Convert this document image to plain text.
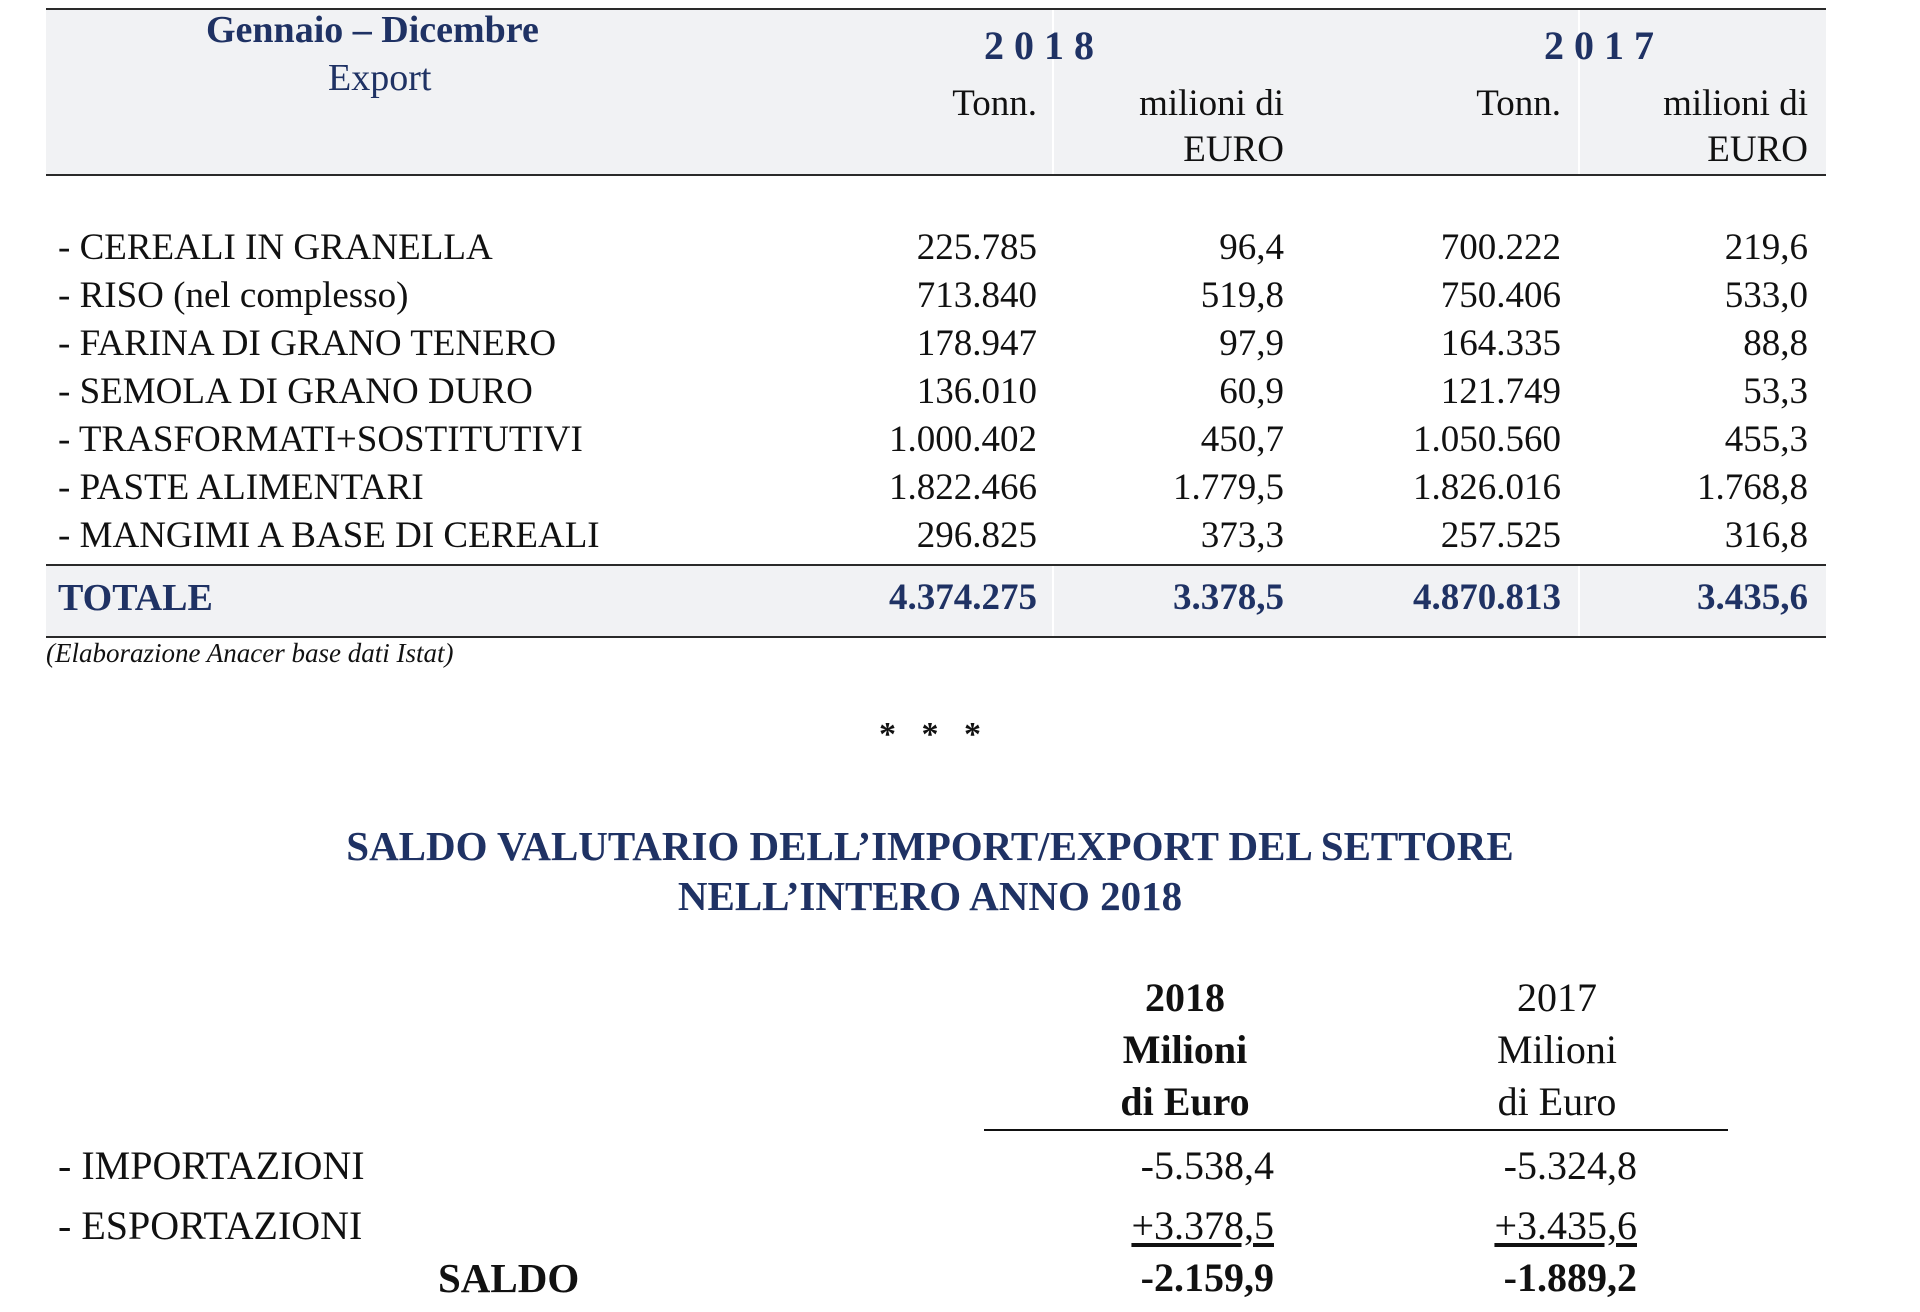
Gennaio – Dicembre
Export
2 0 1 8	2 0 1 7
Tonn.	milioni di
EURO
Tonn.	milioni di
EURO
- CEREALI IN GRANELLA	225.785	96,4	700.222	219,6
- RISO (nel complesso)	713.840	519,8	750.406	533,0
- FARINA DI GRANO TENERO	178.947	97,9	164.335	88,8
- SEMOLA DI GRANO DURO	136.010	60,9	121.749	53,3
- TRASFORMATI+SOSTITUTIVI	1.000.402	450,7	1.050.560	455,3
- PASTE ALIMENTARI	1.822.466	1.779,5	1.826.016	1.768,8
- MANGIMI A BASE DI CEREALI	296.825	373,3	257.525	316,8
TOTALE	4.374.275	3.378,5	4.870.813	3.435,6
(Elaborazione Anacer base dati Istat)
*   *   *
SALDO VALUTARIO DELL’IMPORT/EXPORT DEL SETTORE
NELL’INTERO ANNO 2018
2018
Milioni
di Euro
2017
Milioni
di Euro
- IMPORTAZIONI	-5.538,4	-5.324,8
- ESPORTAZIONI	+3.378,5	+3.435,6
SALDO	-2.159,9	-1.889,2
